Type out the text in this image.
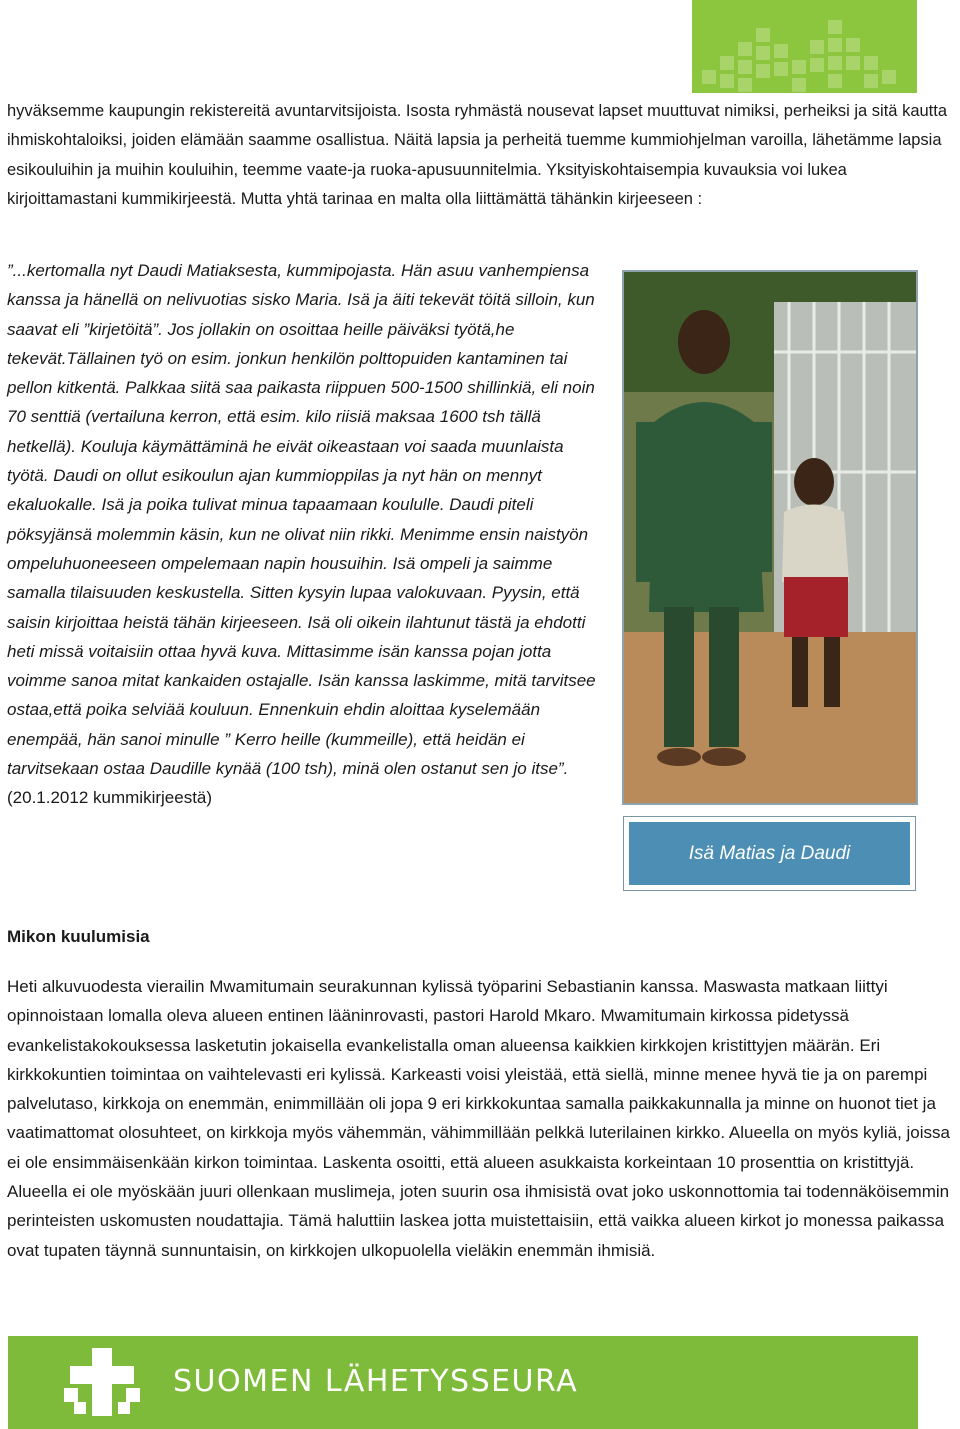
hyväksemme kaupungin rekistereitä avuntarvitsijoista. Isosta ryhmästä nousevat lapset muuttuvat nimiksi, perheiksi ja sitä kautta ihmiskohtaloiksi, joiden elämään saamme osallistua. Näitä lapsia ja perheitä tuemme kummiohjelman varoilla, lähetämme lapsia esikouluihin ja muihin kouluihin, teemme vaate-ja ruoka-apusuunnitelmia. Yksityiskohtaisempia kuvauksia voi lukea kirjoittamastani kummikirjeestä. Mutta yhtä tarinaa en malta olla liittämättä tähänkin kirjeeseen :

”...kertomalla nyt Daudi Matiaksesta, kummipojasta. Hän asuu vanhempiensa kanssa ja hänellä on nelivuotias sisko Maria. Isä ja äiti tekevät töitä silloin, kun saavat eli ”kirjetöitä”. Jos jollakin on osoittaa heille päiväksi työtä,he tekevät.Tällainen työ on esim. jonkun henkilön polttopuiden kantaminen tai pellon kitkentä. Palkkaa siitä saa paikasta riippuen 500-1500 shillinkiä, eli noin 70 senttiä (vertailuna kerron, että esim. kilo riisiä maksaa 1600 tsh tällä hetkellä). Kouluja käymättäminä he eivät oikeastaan voi saada muunlaista työtä. Daudi on ollut esikoulun ajan kummioppilas ja nyt hän on mennyt ekaluokalle. Isä ja poika tulivat minua tapaamaan koululle. Daudi piteli pöksyjänsä molemmin käsin, kun ne olivat niin rikki. Menimme ensin naistyön ompeluhuoneeseen ompelemaan napin housuihin. Isä ompeli ja saimme samalla tilaisuuden keskustella. Sitten kysyin lupaa valokuvaan. Pyysin, että saisin kirjoittaa heistä tähän kirjeeseen. Isä oli oikein ilahtunut tästä ja ehdotti heti missä voitaisiin ottaa hyvä kuva. Mittasimme isän kanssa pojan jotta voimme sanoa mitat kankaiden ostajalle. Isän kanssa laskimme, mitä tarvitsee ostaa,että poika selviää kouluun. Ennenkuin ehdin aloittaa kyselemään enempää, hän sanoi minulle ” Kerro heille (kummeille), että heidän ei tarvitsekaan ostaa Daudille kynää (100 tsh), minä olen ostanut sen jo itse”.
(20.1.2012 kummikirjeestä)
Isä Matias ja Daudi
Mikon kuulumisia

Heti alkuvuodesta vierailin Mwamitumain seurakunnan kylissä työparini Sebastianin kanssa. Maswasta matkaan liittyi opinnoistaan lomalla oleva alueen entinen lääninrovasti, pastori Harold Mkaro. Mwamitumain kirkossa pidetyssä evankelistakokouksessa lasketutin jokaisella evankelistalla oman alueensa kaikkien kirkkojen kristittyjen määrän. Eri kirkkokuntien toimintaa on vaihtelevasti eri kylissä. Karkeasti voisi yleistää, että siellä, minne menee hyvä tie ja on parempi palvelutaso, kirkkoja on enemmän, enimmillään oli jopa 9 eri kirkkokuntaa samalla paikkakunnalla ja minne on huonot tiet ja vaatimattomat olosuhteet, on kirkkoja myös vähemmän, vähimmillään pelkkä luterilainen kirkko. Alueella on myös kyliä, joissa ei ole ensimmäisenkään kirkon toimintaa. Laskenta osoitti, että alueen asukkaista korkeintaan 10 prosenttia on kristittyjä. Alueella ei ole myöskään juuri ollenkaan muslimeja, joten suurin osa ihmisistä ovat joko uskonnottomia tai todennäköisemmin perinteisten uskomusten noudattajia. Tämä haluttiin laskea jotta muistettaisiin, että vaikka alueen kirkot jo monessa paikassa ovat tupaten täynnä sunnuntaisin, on kirkkojen ulkopuolella vieläkin enemmän ihmisiä.

SUOMEN LÄHETYSSEURA
